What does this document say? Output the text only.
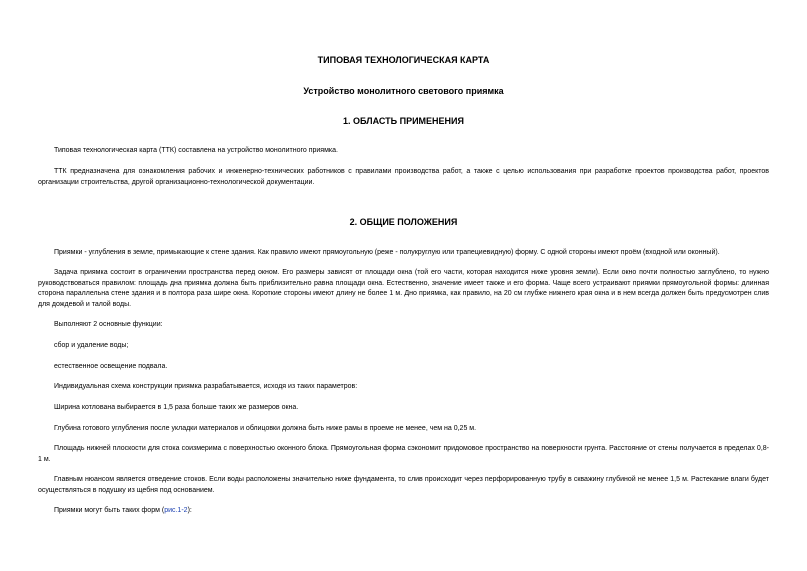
ТИПОВАЯ ТЕХНОЛОГИЧЕСКАЯ КАРТА
Устройство монолитного светового приямка
1. ОБЛАСТЬ ПРИМЕНЕНИЯ
Типовая технологическая карта (ТТК) составлена на устройство монолитного приямка.
ТТК предназначена для ознакомления рабочих и инженерно-технических работников с правилами производства работ, а также с целью использования при разработке проектов производства работ, проектов организации строительства, другой организационно-технологической документации.
2. ОБЩИЕ ПОЛОЖЕНИЯ
Приямки - углубления в земле, примыкающие к стене здания. Как правило имеют прямоугольную (реже - полукруглую или трапециевидную) форму. С одной стороны имеют проём (входной или оконный).
Задача приямка состоит в ограничении пространства перед окном. Его размеры зависят от площади окна (той его части, которая находится ниже уровня земли). Если окно почти полностью заглублено, то нужно руководствоваться правилом: площадь дна приямка должна быть приблизительно равна площади окна. Естественно, значение имеет также и его форма. Чаще всего устраивают приямки прямоугольной формы: длинная сторона параллельна стене здания и в полтора раза шире окна. Короткие стороны имеют длину не более 1 м. Дно приямка, как правило, на 20 см глубже нижнего края окна и в нем всегда должен быть предусмотрен слив для дождевой и талой воды.
Выполняют 2 основные функции:
сбор и удаление воды;
естественное освещение подвала.
Индивидуальная схема конструкции приямка разрабатывается, исходя из таких параметров:
Ширина котлована выбирается в 1,5 раза больше таких же размеров окна.
Глубина готового углубления после укладки материалов и облицовки должна быть ниже рамы в проеме не менее, чем на 0,25 м.
Площадь нижней плоскости для стока соизмерима с поверхностью оконного блока. Прямоугольная форма сэкономит придомовое пространство на поверхности грунта. Расстояние от стены получается в пределах 0,8-1 м.
Главным нюансом является отведение стоков. Если воды расположены значительно ниже фундамента, то слив происходит через перфорированную трубу в скважину глубиной не менее 1,5 м. Растекание влаги будет осуществляться в подушку из щебня под основанием.
Приямки могут быть таких форм (рис.1-2):
